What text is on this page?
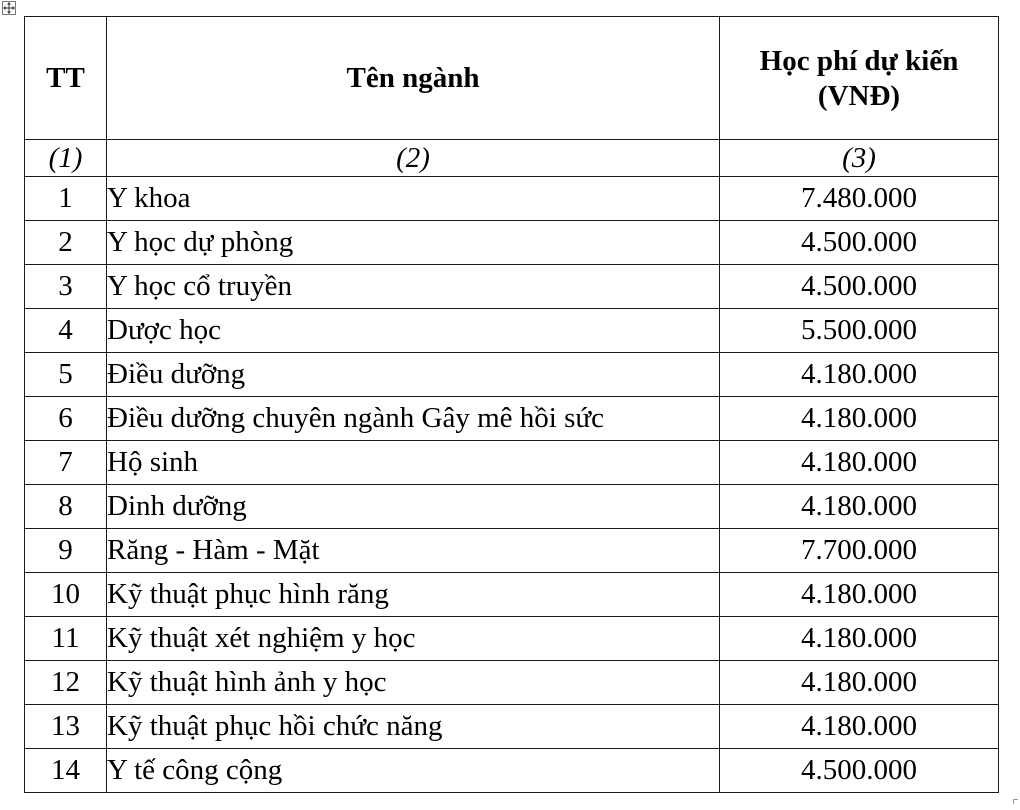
TT	Tên ngành	Học phí dự kiến
(VNĐ)
(1)	(2)	(3)
1	Y khoa	7.480.000
2	Y học dự phòng	4.500.000
3	Y học cổ truyền	4.500.000
4	Dược học	5.500.000
5	Điều dưỡng	4.180.000
6	Điều dưỡng chuyên ngành Gây mê hồi sức	4.180.000
7	Hộ sinh	4.180.000
8	Dinh dưỡng	4.180.000
9	Răng - Hàm - Mặt	7.700.000
10	Kỹ thuật phục hình răng	4.180.000
11	Kỹ thuật xét nghiệm y học	4.180.000
12	Kỹ thuật hình ảnh y học	4.180.000
13	Kỹ thuật phục hồi chức năng	4.180.000
14	Y tế công cộng	4.500.000
